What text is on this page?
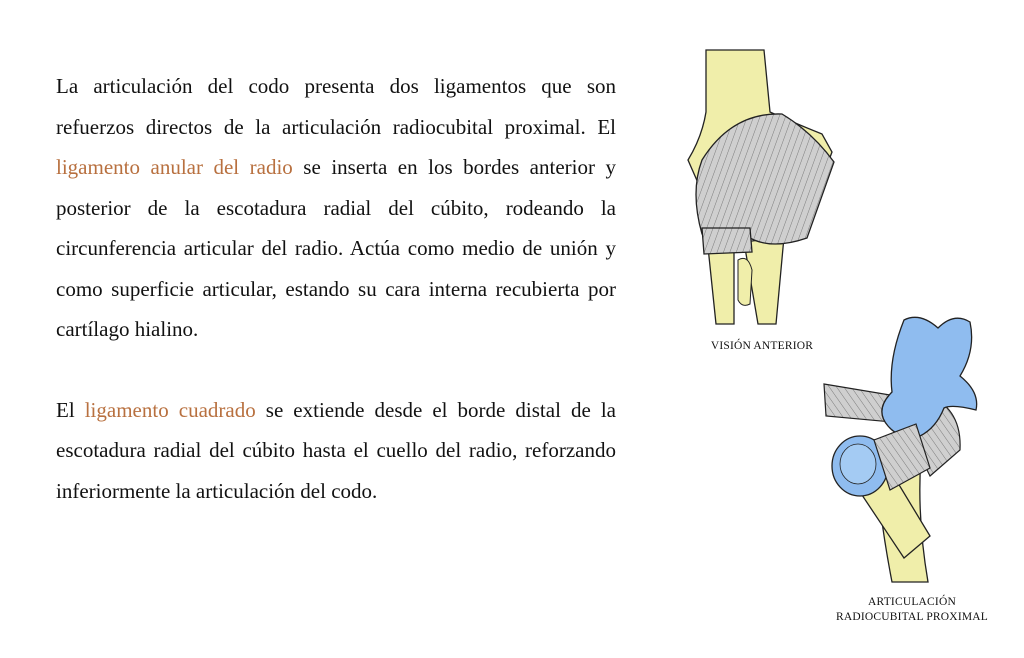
La articulación del codo presenta dos ligamentos que son refuerzos directos de la articulación radiocubital proximal. El ligamento anular del radio se inserta en los bordes anterior y posterior de la escotadura radial del cúbito, rodeando la circunferencia articular del radio. Actúa como medio de unión y como superficie articular, estando su cara interna recubierta por cartílago hialino.

El ligamento cuadrado se extiende desde el borde distal de la escotadura radial del cúbito hasta el cuello del radio, reforzando inferiormente la articulación del codo.

VISIÓN ANTERIOR
ARTICULACIÓN
RADIOCUBITAL PROXIMAL
